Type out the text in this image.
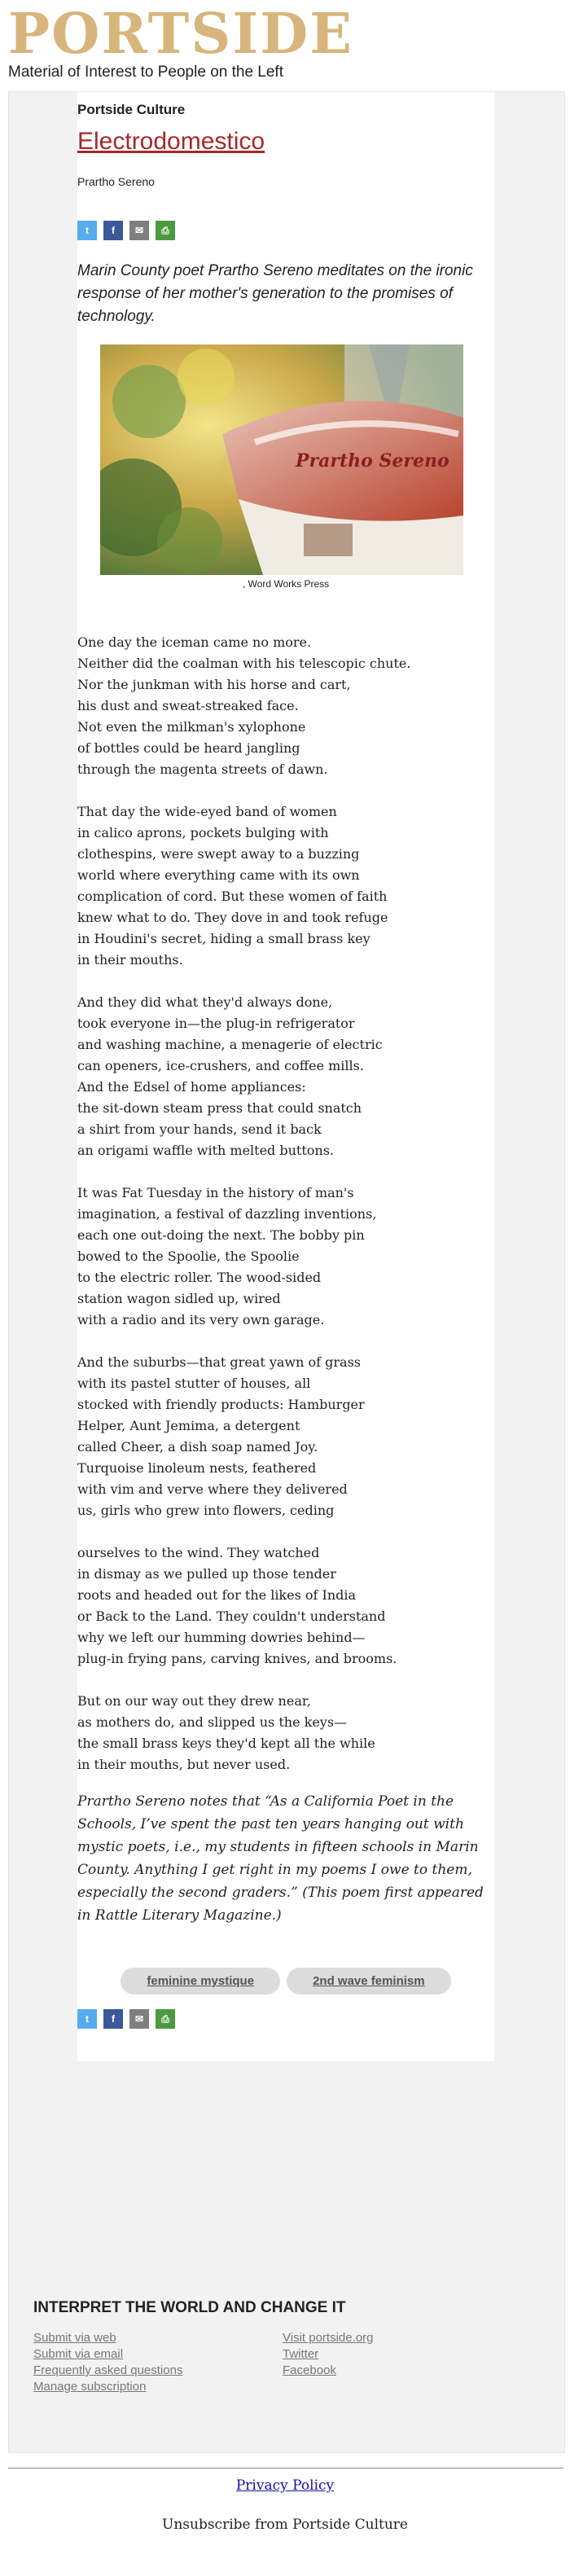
PORTSIDE
Material of Interest to People on the Left
Portside Culture
Electrodomestico
Prartho Sereno
t f ✉ ⎙
Marin County poet Prartho Sereno meditates on the ironic response of her mother's generation to the promises of technology.
Prartho Sereno
, Word Works Press
One day the iceman came no more.
Neither did the coalman with his telescopic chute.
Nor the junkman with his horse and cart,
his dust and sweat-streaked face.
Not even the milkman's xylophone
of bottles could be heard jangling
through the magenta streets of dawn.
That day the wide-eyed band of women
in calico aprons, pockets bulging with
clothespins, were swept away to a buzzing
world where everything came with its own
complication of cord. But these women of faith
knew what to do. They dove in and took refuge
in Houdini's secret, hiding a small brass key
in their mouths.
And they did what they'd always done,
took everyone in—the plug-in refrigerator
and washing machine, a menagerie of electric
can openers, ice-crushers, and coffee mills.
And the Edsel of home appliances:
the sit-down steam press that could snatch
a shirt from your hands, send it back
an origami waffle with melted buttons.
It was Fat Tuesday in the history of man's
imagination, a festival of dazzling inventions,
each one out-doing the next. The bobby pin
bowed to the Spoolie, the Spoolie
to the electric roller. The wood-sided
station wagon sidled up, wired
with a radio and its very own garage.
And the suburbs—that great yawn of grass
with its pastel stutter of houses, all
stocked with friendly products: Hamburger
Helper, Aunt Jemima, a detergent
called Cheer, a dish soap named Joy.
Turquoise linoleum nests, feathered
with vim and verve where they delivered
us, girls who grew into flowers, ceding
ourselves to the wind. They watched
in dismay as we pulled up those tender
roots and headed out for the likes of India
or Back to the Land. They couldn't understand
why we left our humming dowries behind—
plug-in frying pans, carving knives, and brooms.
But on our way out they drew near,
as mothers do, and slipped us the keys—
the small brass keys they'd kept all the while
in their mouths, but never used.
Prartho Sereno notes that “As a California Poet in the Schools, I’ve spent the past ten years hanging out with mystic poets, i.e., my students in fifteen schools in Marin County. Anything I get right in my poems I owe to them, especially the second graders.” (This poem first appeared in Rattle Literary Magazine.)
feminine mystique	2nd wave feminism
t f ✉ ⎙
INTERPRET THE WORLD AND CHANGE IT
Submit via web
Submit via email
Frequently asked questions
Manage subscription
Visit portside.org
Twitter
Facebook
Privacy Policy
Unsubscribe from Portside Culture
